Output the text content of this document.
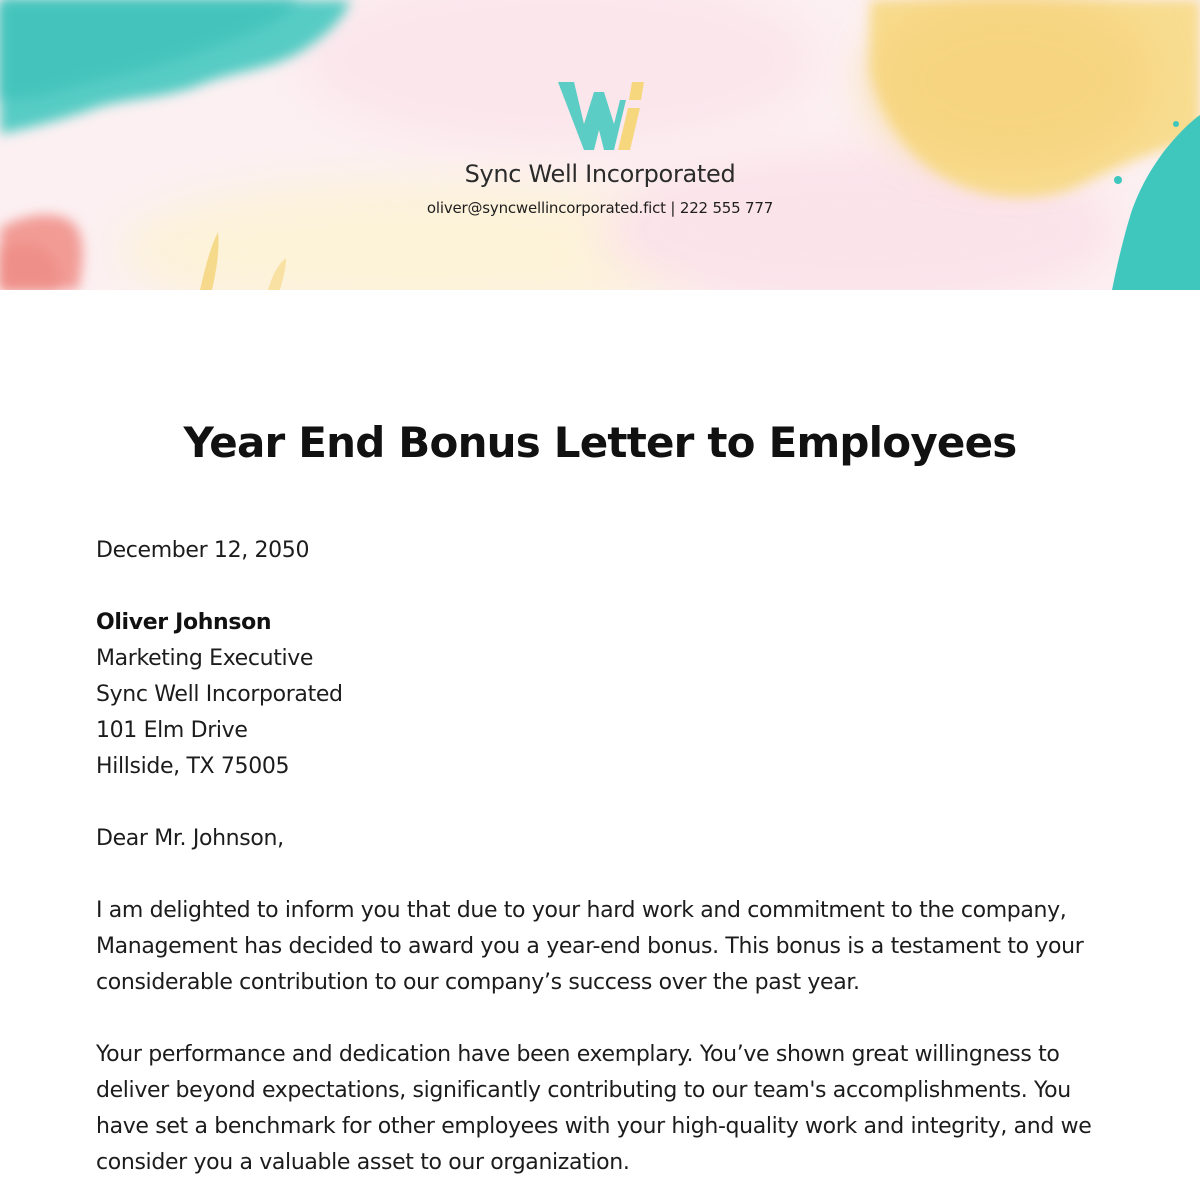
Sync Well Incorporated
oliver@syncwellincorporated.fict | 222 555 777
Year End Bonus Letter to Employees

December 12, 2050

Oliver Johnson

Marketing Executive

Sync Well Incorporated

101 Elm Drive

Hillside, TX 75005

Dear Mr. Johnson,

I am delighted to inform you that due to your hard work and commitment to the company, Management has decided to award you a year-end bonus. This bonus is a testament to your considerable contribution to our company’s success over the past year.

Your performance and dedication have been exemplary. You’ve shown great willingness to deliver beyond expectations, significantly contributing to our team's accomplishments. You have set a benchmark for other employees with your high-quality work and integrity, and we consider you a valuable asset to our organization.
